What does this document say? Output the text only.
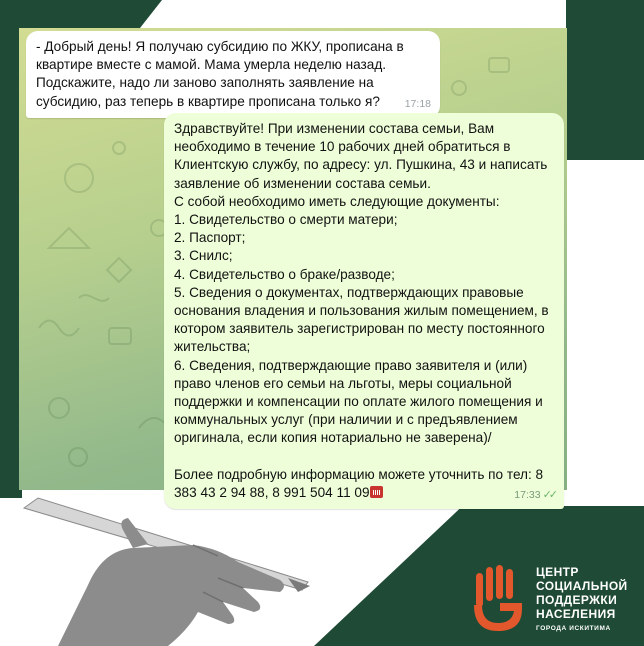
- Добрый день! Я получаю субсидию по ЖКУ, прописана в
квартире вместе с мамой. Мама умерла неделю назад.
Подскажите, надо ли заново заполнять заявление на
субсидию, раз теперь в квартире прописана только я?	17:18
Здравствуйте! При изменении состава семьи, Вам
необходимо в течение 10 рабочих дней обратиться в
Клиентскую службу, по адресу: ул. Пушкина, 43 и написать
заявление об изменении состава семьи.
С собой необходимо иметь следующие документы:
1. Свидетельство о смерти матери;
2. Паспорт;
3. Снилс;
4. Свидетельство о браке/разводе;
5. Сведения о документах, подтверждающих правовые
основания владения и пользования жилым помещением, в
котором заявитель зарегистрирован по месту постоянного
жительства;
6. Сведения, подтверждающие право заявителя и (или)
право членов его семьи на льготы, меры социальной
поддержки и компенсации по оплате жилого помещения и
коммунальных услуг (при наличии и с предъявлением
оригинала, если копия нотариально не заверена)/

Более подробную информацию можете уточнить по тел: 8
383 43 2 94 88, 8 991 504 11 09	17:33 ✓✓
ЦЕНТР
СОЦИАЛЬНОЙ
ПОДДЕРЖКИ
НАСЕЛЕНИЯ
ГОРОДА ИСКИТИМА
